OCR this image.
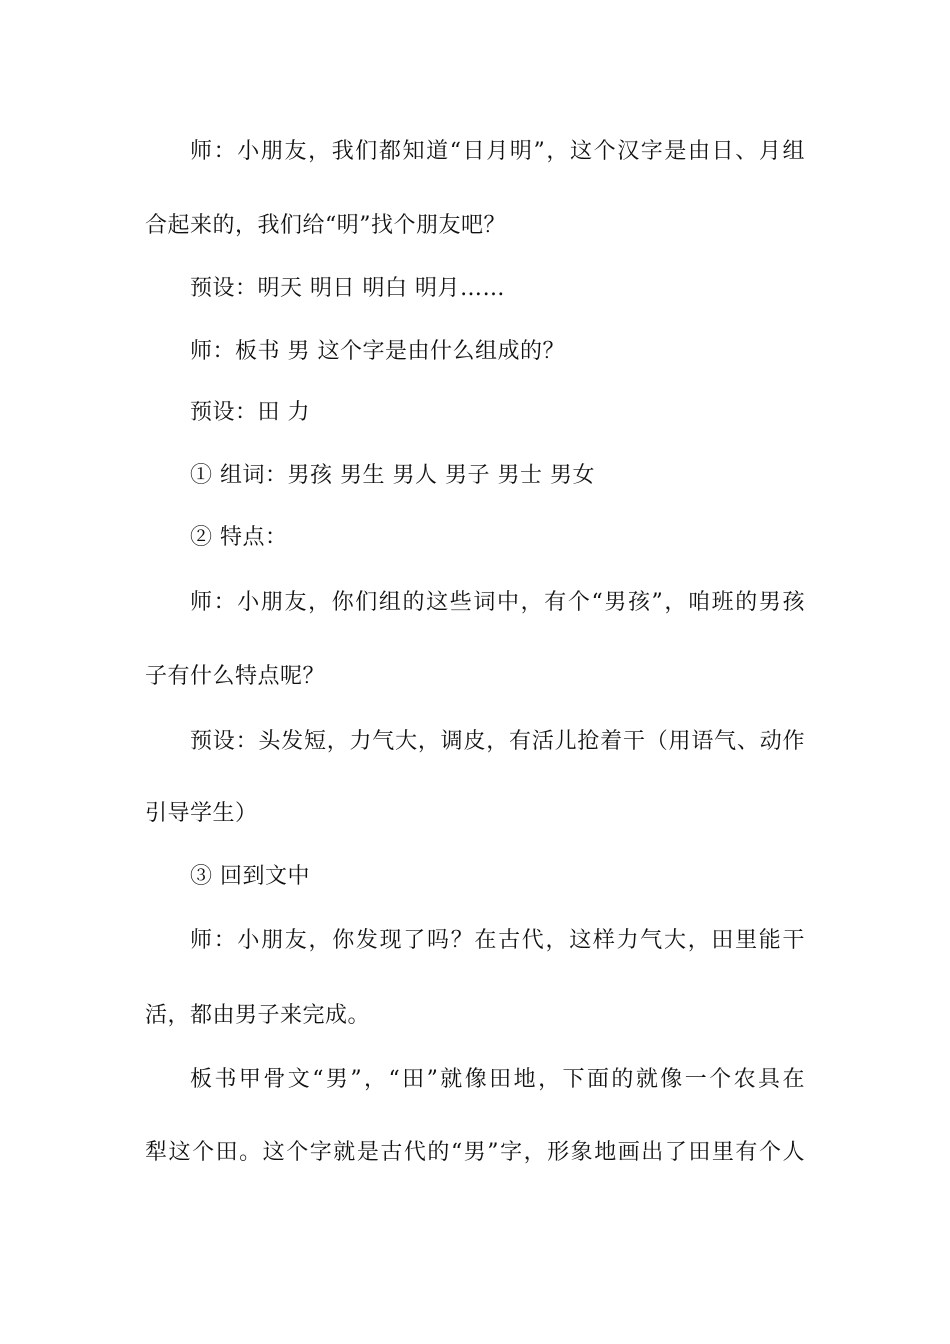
师：小朋友，我们都知道“日月明”，这个汉字是由日、月组
合起来的，我们给“明”找个朋友吧？
预设：明天 明日 明白 明月……
师：板书 男 这个字是由什么组成的？
预设：田 力
① 组词：男孩 男生 男人 男子 男士 男女
② 特点：
师：小朋友，你们组的这些词中，有个“男孩”，咱班的男孩
子有什么特点呢？
预设：头发短，力气大，调皮，有活儿抢着干（用语气、动作
引导学生）
③ 回到文中
师：小朋友，你发现了吗？在古代，这样力气大，田里能干
活，都由男子来完成。
板书甲骨文“男”，“田”就像田地，下面的就像一个农具在
犁这个田。这个字就是古代的“男”字，形象地画出了田里有个人
